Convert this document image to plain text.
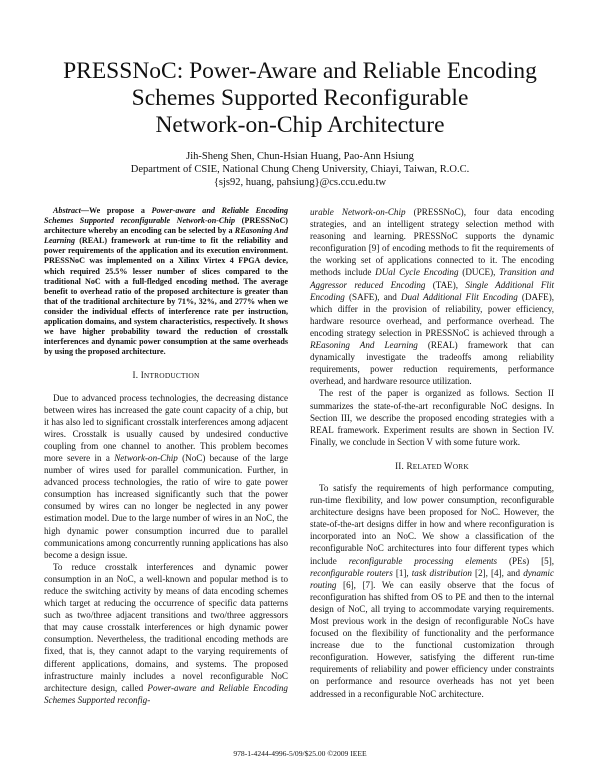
PRESSNoC: Power-Aware and Reliable Encoding
Schemes Supported Reconfigurable
Network-on-Chip Architecture
Jih-Sheng Shen, Chun-Hsian Huang, Pao-Ann Hsiung
Department of CSIE, National Chung Cheng University, Chiayi, Taiwan, R.O.C.
{sjs92, huang, pahsiung}@cs.ccu.edu.tw

Abstract—We propose a Power-aware and Reliable Encoding Schemes Supported reconfigurable Network-on-Chip (PRESSNoC) architecture whereby an encoding can be selected by a REasoning And Learning (REAL) framework at run-time to fit the reliability and power requirements of the application and its execution environment. PRESSNoC was implemented on a Xilinx Virtex 4 FPGA device, which required 25.5% lesser number of slices compared to the traditional NoC with a full-fledged encoding method. The average benefit to overhead ratio of the proposed architecture is greater than that of the traditional architecture by 71%, 32%, and 277% when we consider the individual effects of interference rate per instruction, application domains, and system characteristics, respectively. It shows we have higher probability toward the reduction of crosstalk interferences and dynamic power consumption at the same overheads by using the proposed architecture.

I. INTRODUCTION

Due to advanced process technologies, the decreasing distance between wires has increased the gate count capacity of a chip, but it has also led to significant crosstalk interferences among adjacent wires. Crosstalk is usually caused by undesired conductive coupling from one channel to another. This problem becomes more severe in a Network-on-Chip (NoC) because of the large number of wires used for parallel communication. Further, in advanced process technologies, the ratio of wire to gate power consumption has increased significantly such that the power consumed by wires can no longer be neglected in any power estimation model. Due to the large number of wires in an NoC, the high dynamic power consumption incurred due to parallel communications among concurrently running applications has also become a design issue.

To reduce crosstalk interferences and dynamic power consumption in an NoC, a well-known and popular method is to reduce the switching activity by means of data encoding schemes which target at reducing the occurrence of specific data patterns such as two/three adjacent transitions and two/three aggressors that may cause crosstalk interferences or high dynamic power consumption. Nevertheless, the traditional encoding methods are fixed, that is, they cannot adapt to the varying requirements of different applications, domains, and systems. The proposed infrastructure mainly includes a novel reconfigurable NoC architecture design, called Power-aware and Reliable Encoding Schemes Supported reconfig-

urable Network-on-Chip (PRESSNoC), four data encoding strategies, and an intelligent strategy selection method with reasoning and learning. PRESSNoC supports the dynamic reconfiguration [9] of encoding methods to fit the requirements of the working set of applications connected to it. The encoding methods include DUal Cycle Encoding (DUCE), Transition and Aggressor reduced Encoding (TAE), Single Additional Flit Encoding (SAFE), and Dual Additional Flit Encoding (DAFE), which differ in the provision of reliability, power efficiency, hardware resource overhead, and performance overhead. The encoding strategy selection in PRESSNoC is achieved through a REasoning And Learning (REAL) framework that can dynamically investigate the tradeoffs among reliability requirements, power reduction requirements, performance overhead, and hardware resource utilization.

The rest of the paper is organized as follows. Section II summarizes the state-of-the-art reconfigurable NoC designs. In Section III, we describe the proposed encoding strategies with a REAL framework. Experiment results are shown in Section IV. Finally, we conclude in Section V with some future work.

II. RELATED WORK

To satisfy the requirements of high performance computing, run-time flexibility, and low power consumption, reconfigurable architecture designs have been proposed for NoC. However, the state-of-the-art designs differ in how and where reconfiguration is incorporated into an NoC. We show a classification of the reconfigurable NoC architectures into four different types which include reconfigurable processing elements (PEs) [5], reconfigurable routers [1], task distribution [2], [4], and dynamic routing [6], [7]. We can easily observe that the focus of reconfiguration has shifted from OS to PE and then to the internal design of NoC, all trying to accommodate varying requirements. Most previous work in the design of reconfigurable NoCs have focused on the flexibility of functionality and the performance increase due to the functional customization through reconfiguration. However, satisfying the different run-time requirements of reliability and power efficiency under constraints on performance and resource overheads has not yet been addressed in a reconfigurable NoC architecture.

978-1-4244-4996-5/09/$25.00 ©2009 IEEE
